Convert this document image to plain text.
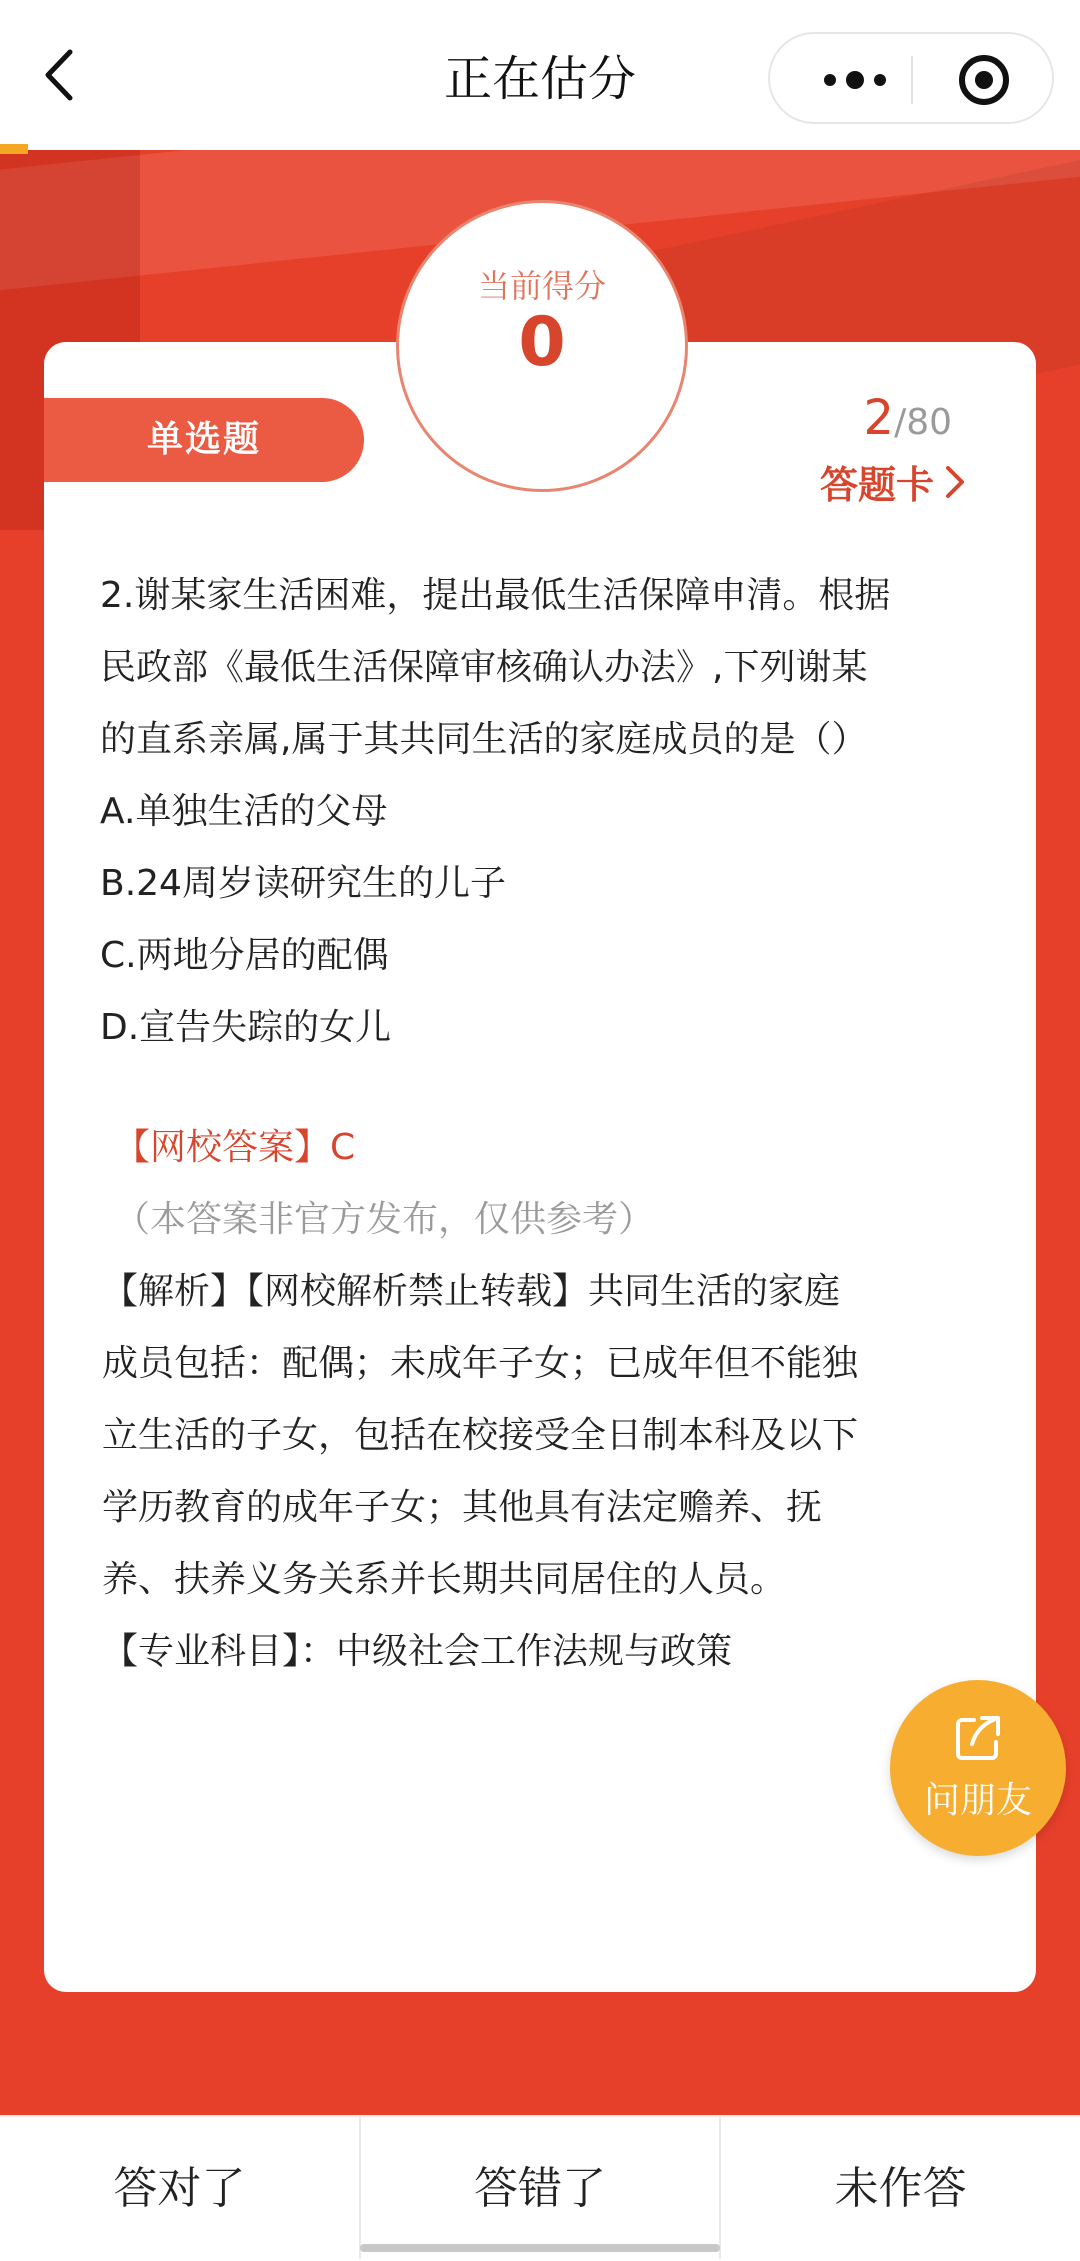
正在估分
单选题	2/80
答题卡

2.谢某家生活困难，提出最低生活保障申清。根据

民政部《最低生活保障审核确认办法》,下列谢某

的直系亲属,属于其共同生活的家庭成员的是（）

A.单独生活的父母

B.24周岁读研究生的儿子

C.两地分居的配偶

D.宣告失踪的女儿

【网校答案】C

（本答案非官方发布，仅供参考）

【解析】【网校解析禁止转载】共同生活的家庭

成员包括：配偶；未成年子女；已成年但不能独

立生活的子女，包括在校接受全日制本科及以下

学历教育的成年子女；其他具有法定赡养、抚

养、扶养义务关系并长期共同居住的人员。

【专业科目】：中级社会工作法规与政策

当前得分
0
问朋友
答对了	答错了	未作答
